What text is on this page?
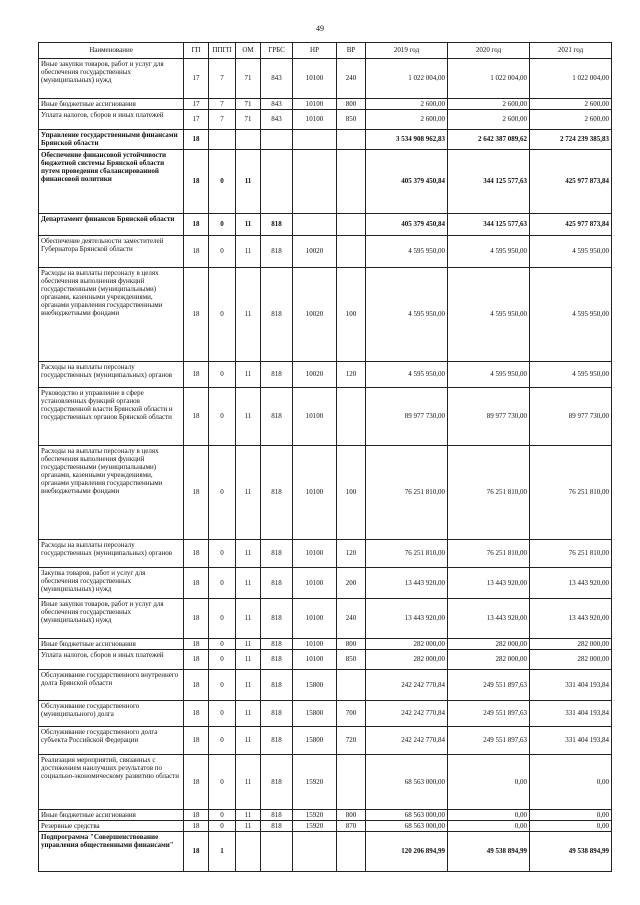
49
Наименование	ГП	ППГП	ОМ	ГРБС	НР	ВР	2019 год	2020 год	2021 год
Иные закупки товаров, работ и услуг для обеспечения государственных (муниципальных) нужд	17	7	71	843	10100	240	1 022 004,00	1 022 004,00	1 022 004,00
Иные бюджетные ассигнования	17	7	71	843	10100	800	2 600,00	2 600,00	2 600,00
Уплата налогов, сборов и иных платежей	17	7	71	843	10100	850	2 600,00	2 600,00	2 600,00
Управление государственными финансами Брянской области	18						3 534 908 962,83	2 642 387 089,62	2 724 239 385,83
Обеспечение финансовой устойчивости бюджетной системы Брянской области путем проведения сбалансированной финансовой политики	18	0	11				405 379 450,84	344 125 577,63	425 977 873,84
Департамент финансов Брянской области	18	0	11	818			405 379 450,84	344 125 577,63	425 977 873,84
Обеспечение деятельности заместителей Губернатора Брянской области	18	0	11	818	10020		4 595 950,00	4 595 950,00	4 595 950,00
Расходы на выплаты персоналу в целях обеспечения выполнения функций государственными (муниципальными) органами, казенными учреждениями, органами управления государственными внебюджетными фондами	18	0	11	818	10020	100	4 595 950,00	4 595 950,00	4 595 950,00
Расходы на выплаты персоналу государственных (муниципальных) органов	18	0	11	818	10020	120	4 595 950,00	4 595 950,00	4 595 950,00
Руководство и управление в сфере установленных функций органов государственной власти Брянской области и государственных органов Брянской области	18	0	11	818	10100		89 977 730,00	89 977 730,00	89 977 730,00
Расходы на выплаты персоналу в целях обеспечения выполнения функций государственными (муниципальными) органами, казенными учреждениями, органами управления государственными внебюджетными фондами	18	0	11	818	10100	100	76 251 810,00	76 251 810,00	76 251 810,00
Расходы на выплаты персоналу государственных (муниципальных) органов	18	0	11	818	10100	120	76 251 810,00	76 251 810,00	76 251 810,00
Закупка товаров, работ и услуг для обеспечения государственных (муниципальных) нужд	18	0	11	818	10100	200	13 443 920,00	13 443 920,00	13 443 920,00
Иные закупки товаров, работ и услуг для обеспечения государственных (муниципальных) нужд	18	0	11	818	10100	240	13 443 920,00	13 443 920,00	13 443 920,00
Иные бюджетные ассигнования	18	0	11	818	10100	800	282 000,00	282 000,00	282 000,00
Уплата налогов, сборов и иных платежей	18	0	11	818	10100	850	282 000,00	282 000,00	282 000,00
Обслуживание государственного внутреннего долга Брянской области	18	0	11	818	15800		242 242 770,84	249 551 897,63	331 404 193,84
Обслуживание государственного (муниципального) долга	18	0	11	818	15800	700	242 242 770,84	249 551 897,63	331 404 193,84
Обслуживание государственного долга субъекта Российской Федерации	18	0	11	818	15800	720	242 242 770,84	249 551 897,63	331 404 193,84
Реализация мероприятий, связанных с достижением наилучших результатов по социально-экономическому развитию области	18	0	11	818	15920		68 563 000,00	0,00	0,00
Иные бюджетные ассигнования	18	0	11	818	15920	800	68 563 000,00	0,00	0,00
Резервные средства	18	0	11	818	15920	870	68 563 000,00	0,00	0,00
Подпрограмма "Совершенствование управления общественными финансами"	18	1					120 206 894,99	49 538 894,99	49 538 894,99
